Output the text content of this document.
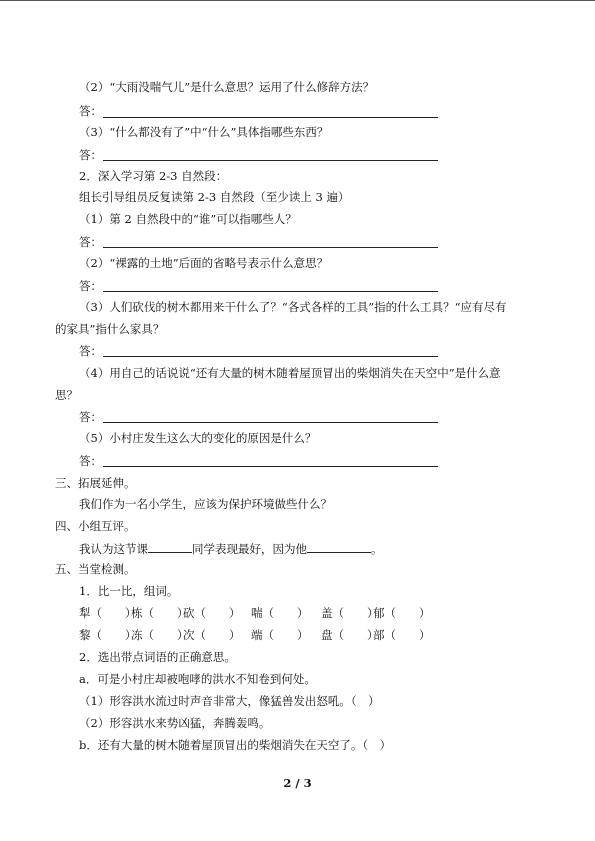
（2）“大雨没喘气儿”是什么意思？运用了什么修辞方法？
答：
（3）“什么都没有了”中“什么”具体指哪些东西？
答：
2．深入学习第 2-3 自然段：
组长引导组员反复读第 2-3 自然段（至少读上 3 遍）
（1）第 2 自然段中的“谁”可以指哪些人？
答：
（2）“裸露的土地”后面的省略号表示什么意思？
答：
（3）人们砍伐的树木都用来干什么了？“各式各样的工具”指的什么工具？“应有尽有
的家具”指什么家具？
答：
（4）用自己的话说说“还有大量的树木随着屋顶冒出的柴烟消失在天空中”是什么意
思？
答：
（5）小村庄发生这么大的变化的原因是什么？
答：
三、拓展延伸。
我们作为一名小学生，应该为保护环境做些什么？
四、小组互评。
我认为这节课	同学表现最好，因为他	。
五、当堂检测。
1．比一比，组词。
犁（　　）
栋（　　）
砍（　　） 喘（　　） 盖（　　）
郁（　　）
黎（　　）
冻（　　）
次（　　） 端（　　） 盘（　　）
部（　　）
2．选出带点词语的正确意思。
a．可是小村庄却被咆哮的洪水不知卷到何处。
（1）形容洪水流过时声音非常大，像猛兽发出怒吼。（　）
（2）形容洪水来势凶猛，奔腾轰鸣。
b．还有大量的树木随着屋顶冒出的柴烟消失在天空了。（　）
2 / 3
